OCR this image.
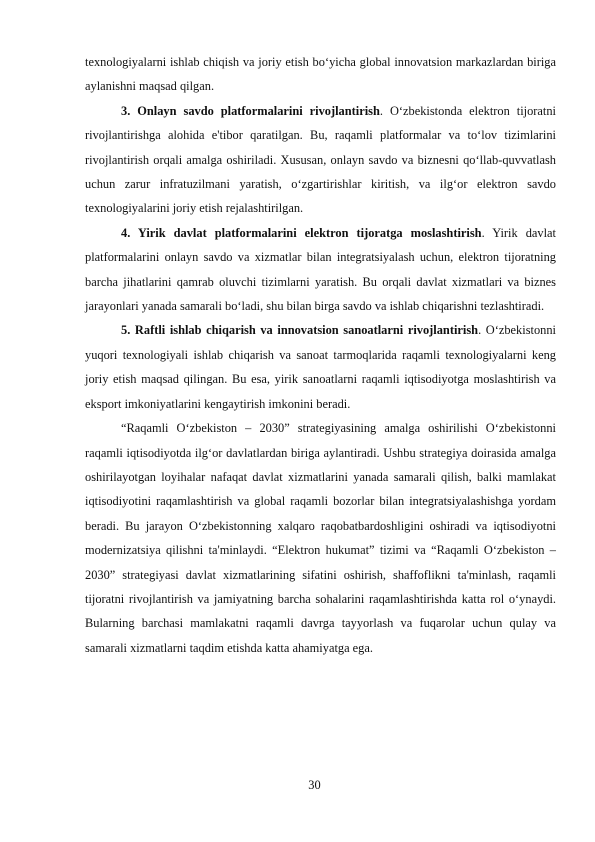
texnologiyalarni ishlab chiqish va joriy etish bo‘yicha global innovatsion markazlardan biriga aylanishni maqsad qilgan.

3. Onlayn savdo platformalarini rivojlantirish. O‘zbekistonda elektron tijoratni rivojlantirishga alohida e'tibor qaratilgan. Bu, raqamli platformalar va to‘lov tizimlarini rivojlantirish orqali amalga oshiriladi. Xususan, onlayn savdo va biznesni qo‘llab-quvvatlash uchun zarur infratuzilmani yaratish, o‘zgartirishlar kiritish, va ilg‘or elektron savdo texnologiyalarini joriy etish rejalashtirilgan.

4. Yirik davlat platformalarini elektron tijoratga moslashtirish. Yirik davlat platformalarini onlayn savdo va xizmatlar bilan integratsiyalash uchun, elektron tijoratning barcha jihatlarini qamrab oluvchi tizimlarni yaratish. Bu orqali davlat xizmatlari va biznes jarayonlari yanada samarali bo‘ladi, shu bilan birga savdo va ishlab chiqarishni tezlashtiradi.

5. Raftli ishlab chiqarish va innovatsion sanoatlarni rivojlantirish. O‘zbekistonni yuqori texnologiyali ishlab chiqarish va sanoat tarmoqlarida raqamli texnologiyalarni keng joriy etish maqsad qilingan. Bu esa, yirik sanoatlarni raqamli iqtisodiyotga moslashtirish va eksport imkoniyatlarini kengaytirish imkonini beradi.

“Raqamli O‘zbekiston – 2030” strategiyasining amalga oshirilishi O‘zbekistonni raqamli iqtisodiyotda ilg‘or davlatlardan biriga aylantiradi. Ushbu strategiya doirasida amalga oshirilayotgan loyihalar nafaqat davlat xizmatlarini yanada samarali qilish, balki mamlakat iqtisodiyotini raqamlashtirish va global raqamli bozorlar bilan integratsiyalashishga yordam beradi. Bu jarayon O‘zbekistonning xalqaro raqobatbardoshligini oshiradi va iqtisodiyotni modernizatsiya qilishni ta'minlaydi. “Elektron hukumat” tizimi va “Raqamli O‘zbekiston – 2030” strategiyasi davlat xizmatlarining sifatini oshirish, shaffoflikni ta'minlash, raqamli tijoratni rivojlantirish va jamiyatning barcha sohalarini raqamlashtirishda katta rol o‘ynaydi. Bularning barchasi mamlakatni raqamli davrga tayyorlash va fuqarolar uchun qulay va samarali xizmatlarni taqdim etishda katta ahamiyatga ega.

30
